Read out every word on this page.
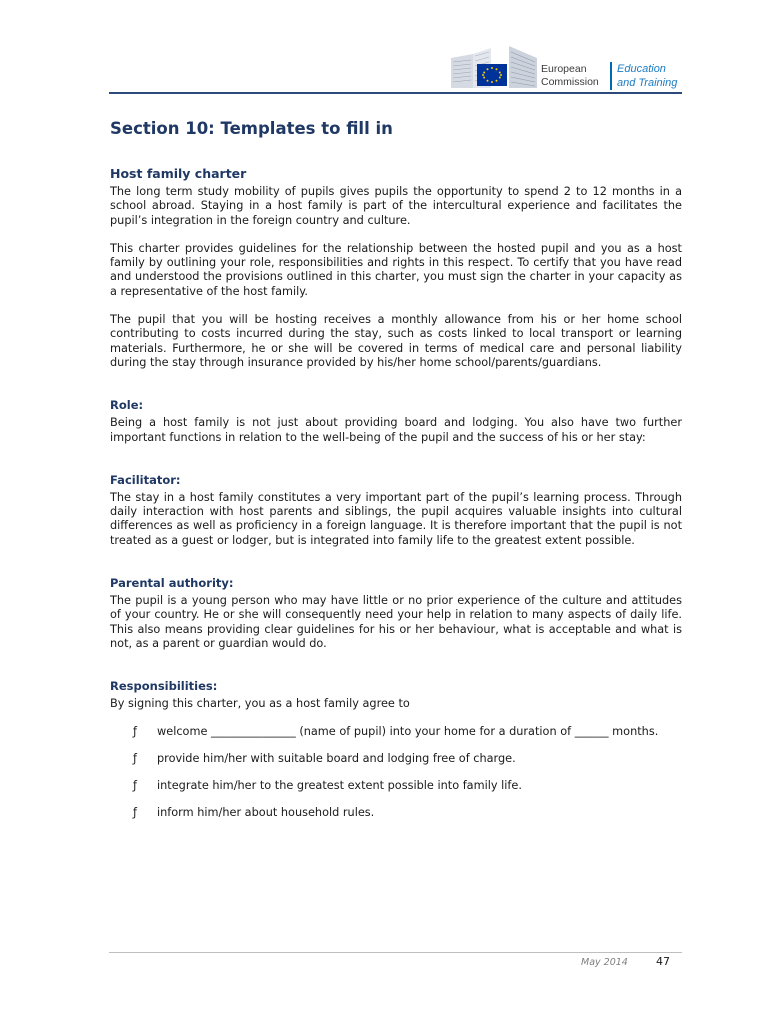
European
Commission
Education
and Training
Section 10: Templates to fill in
Host family charter

The long term study mobility of pupils gives pupils the opportunity to spend 2 to 12 months in a school abroad. Staying in a host family is part of the intercultural experience and facilitates the pupil’s integration in the foreign country and culture.

This charter provides guidelines for the relationship between the hosted pupil and you as a host family by outlining your role, responsibilities and rights in this respect. To certify that you have read and understood the provisions outlined in this charter, you must sign the charter in your capacity as a representative of the host family.

The pupil that you will be hosting receives a monthly allowance from his or her home school contributing to costs incurred during the stay, such as costs linked to local transport or learning materials. Furthermore, he or she will be covered in terms of medical care and personal liability during the stay through insurance provided by his/her home school/parents/guardians.

Role:

Being a host family is not just about providing board and lodging. You also have two further important functions in relation to the well-being of the pupil and the success of his or her stay:

Facilitator:

The stay in a host family constitutes a very important part of the pupil’s learning process. Through daily interaction with host parents and siblings, the pupil acquires valuable insights into cultural differences as well as proficiency in a foreign language. It is therefore important that the pupil is not treated as a guest or lodger, but is integrated into family life to the greatest extent possible.

Parental authority:

The pupil is a young person who may have little or no prior experience of the culture and attitudes of your country. He or she will consequently need your help in relation to many aspects of daily life. This also means providing clear guidelines for his or her behaviour, what is acceptable and what is not, as a parent or guardian would do.

Responsibilities:

By signing this charter, you as a host family agree to

ƒ welcome _______________ (name of pupil) into your home for a duration of ______ months.
ƒ provide him/her with suitable board and lodging free of charge.
ƒ integrate him/her to the greatest extent possible into family life.
ƒ inform him/her about household rules.
May 2014	47
